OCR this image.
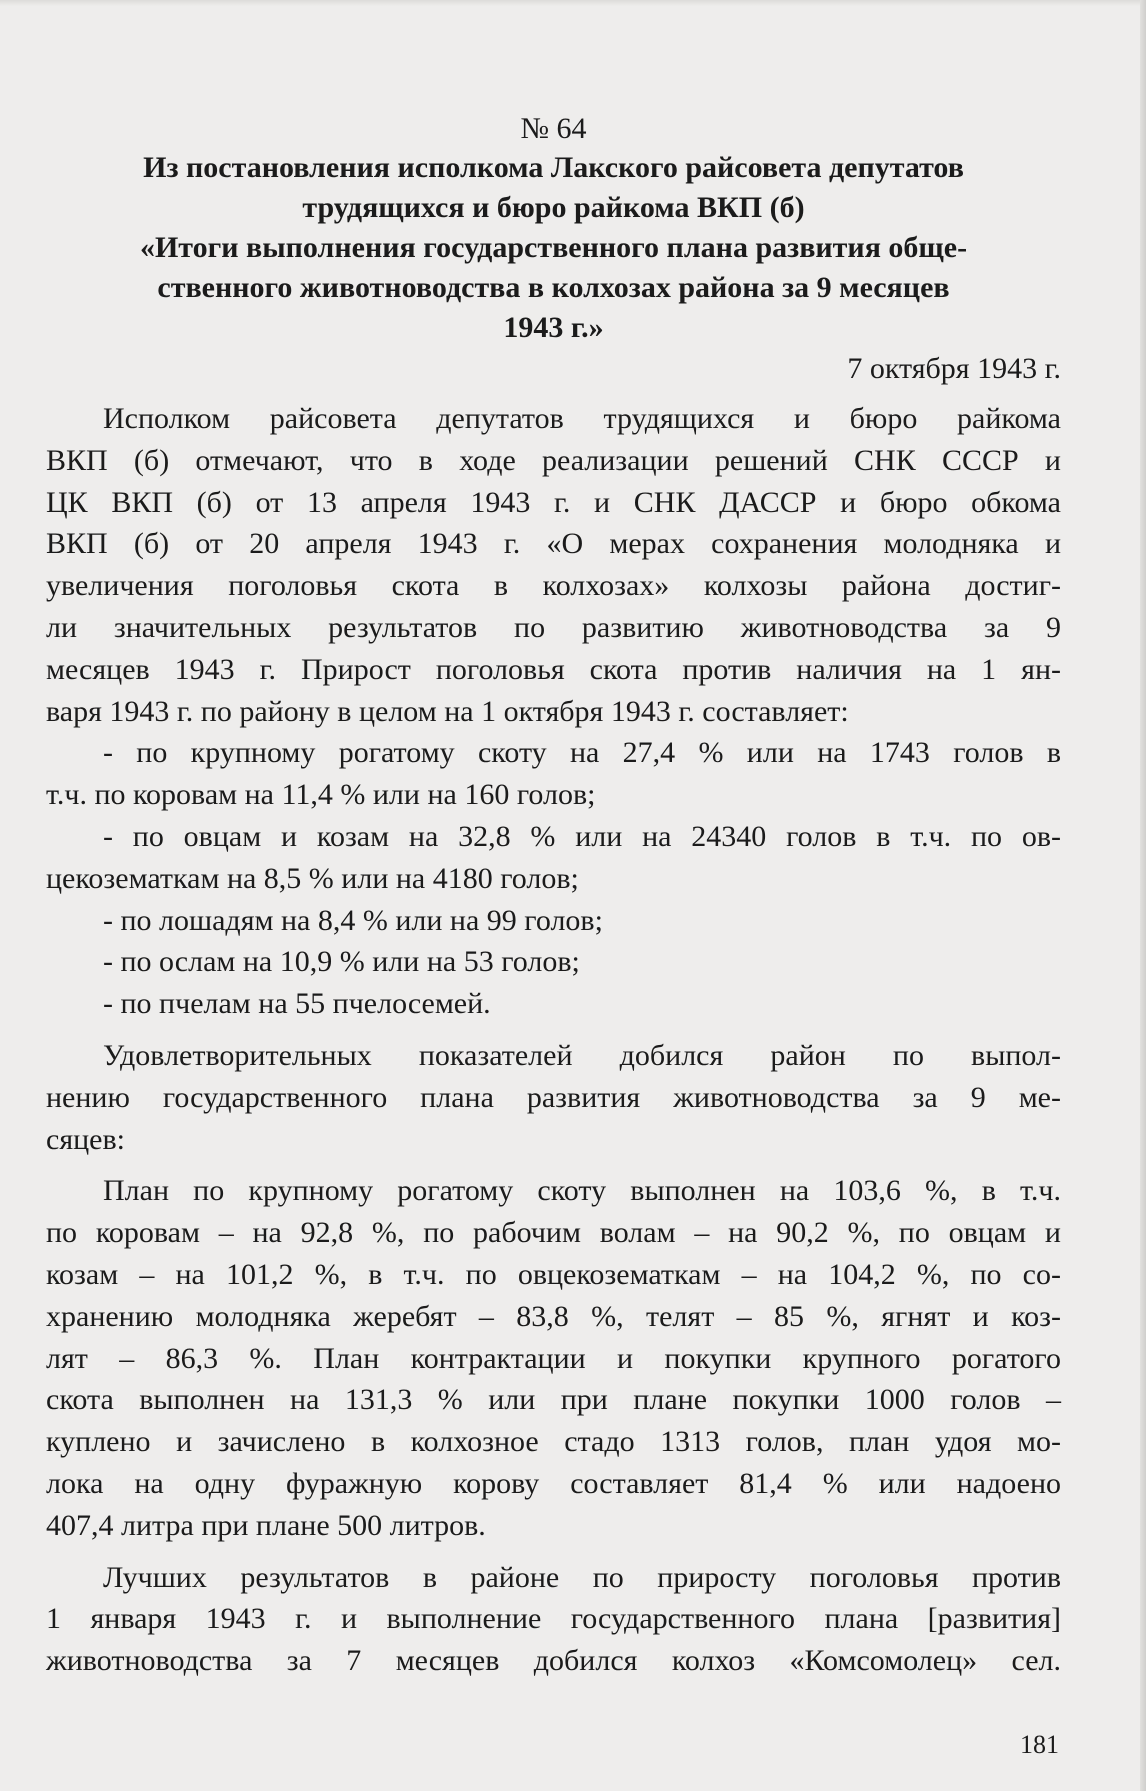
№ 64

Из постановления исполкома Лакского райсовета депутатов
трудящихся и бюро райкома ВКП (б)
«Итоги выполнения государственного плана развития обще-
ственного животноводства в колхозах района за 9 месяцев
1943 г.»

7 октября 1943 г.

Исполком райсовета депутатов трудящихся и бюро райкома
ВКП (б) отмечают, что в ходе реализации решений СНК СССР и
ЦК ВКП (б) от 13 апреля 1943 г. и СНК ДАССР и бюро обкома
ВКП (б) от 20 апреля 1943 г. «О мерах сохранения молодняка и
увеличения поголовья скота в колхозах» колхозы района достиг-
ли значительных результатов по развитию животноводства за 9
месяцев 1943 г. Прирост поголовья скота против наличия на 1 ян-
варя 1943 г. по району в целом на 1 октября 1943 г. составляет:
- по крупному рогатому скоту на 27,4 % или на 1743 голов в
т.ч. по коровам на 11,4 % или на 160 голов;
- по овцам и козам на 32,8 % или на 24340 голов в т.ч. по ов-
цекозематкам на 8,5 % или на 4180 голов;
- по лошадям на 8,4 % или на 99 голов;
- по ослам на 10,9 % или на 53 голов;
- по пчелам на 55 пчелосемей.
Удовлетворительных показателей добился район по выпол-
нению государственного плана развития животноводства за 9 ме-
сяцев:
План по крупному рогатому скоту выполнен на 103,6 %, в т.ч.
по коровам – на 92,8 %, по рабочим волам – на 90,2 %, по овцам и
козам – на 101,2 %, в т.ч. по овцекозематкам – на 104,2 %, по со-
хранению молодняка жеребят – 83,8 %, телят – 85 %, ягнят и коз-
лят – 86,3 %. План контрактации и покупки крупного рогатого
скота выполнен на 131,3 % или при плане покупки 1000 голов –
куплено и зачислено в колхозное стадо 1313 голов, план удоя мо-
лока на одну фуражную корову составляет 81,4 % или надоено
407,4 литра при плане 500 литров.
Лучших результатов в районе по приросту поголовья против
1 января 1943 г. и выполнение государственного плана [развития]
животноводства за 7 месяцев добился колхоз «Комсомолец» сел.
181
